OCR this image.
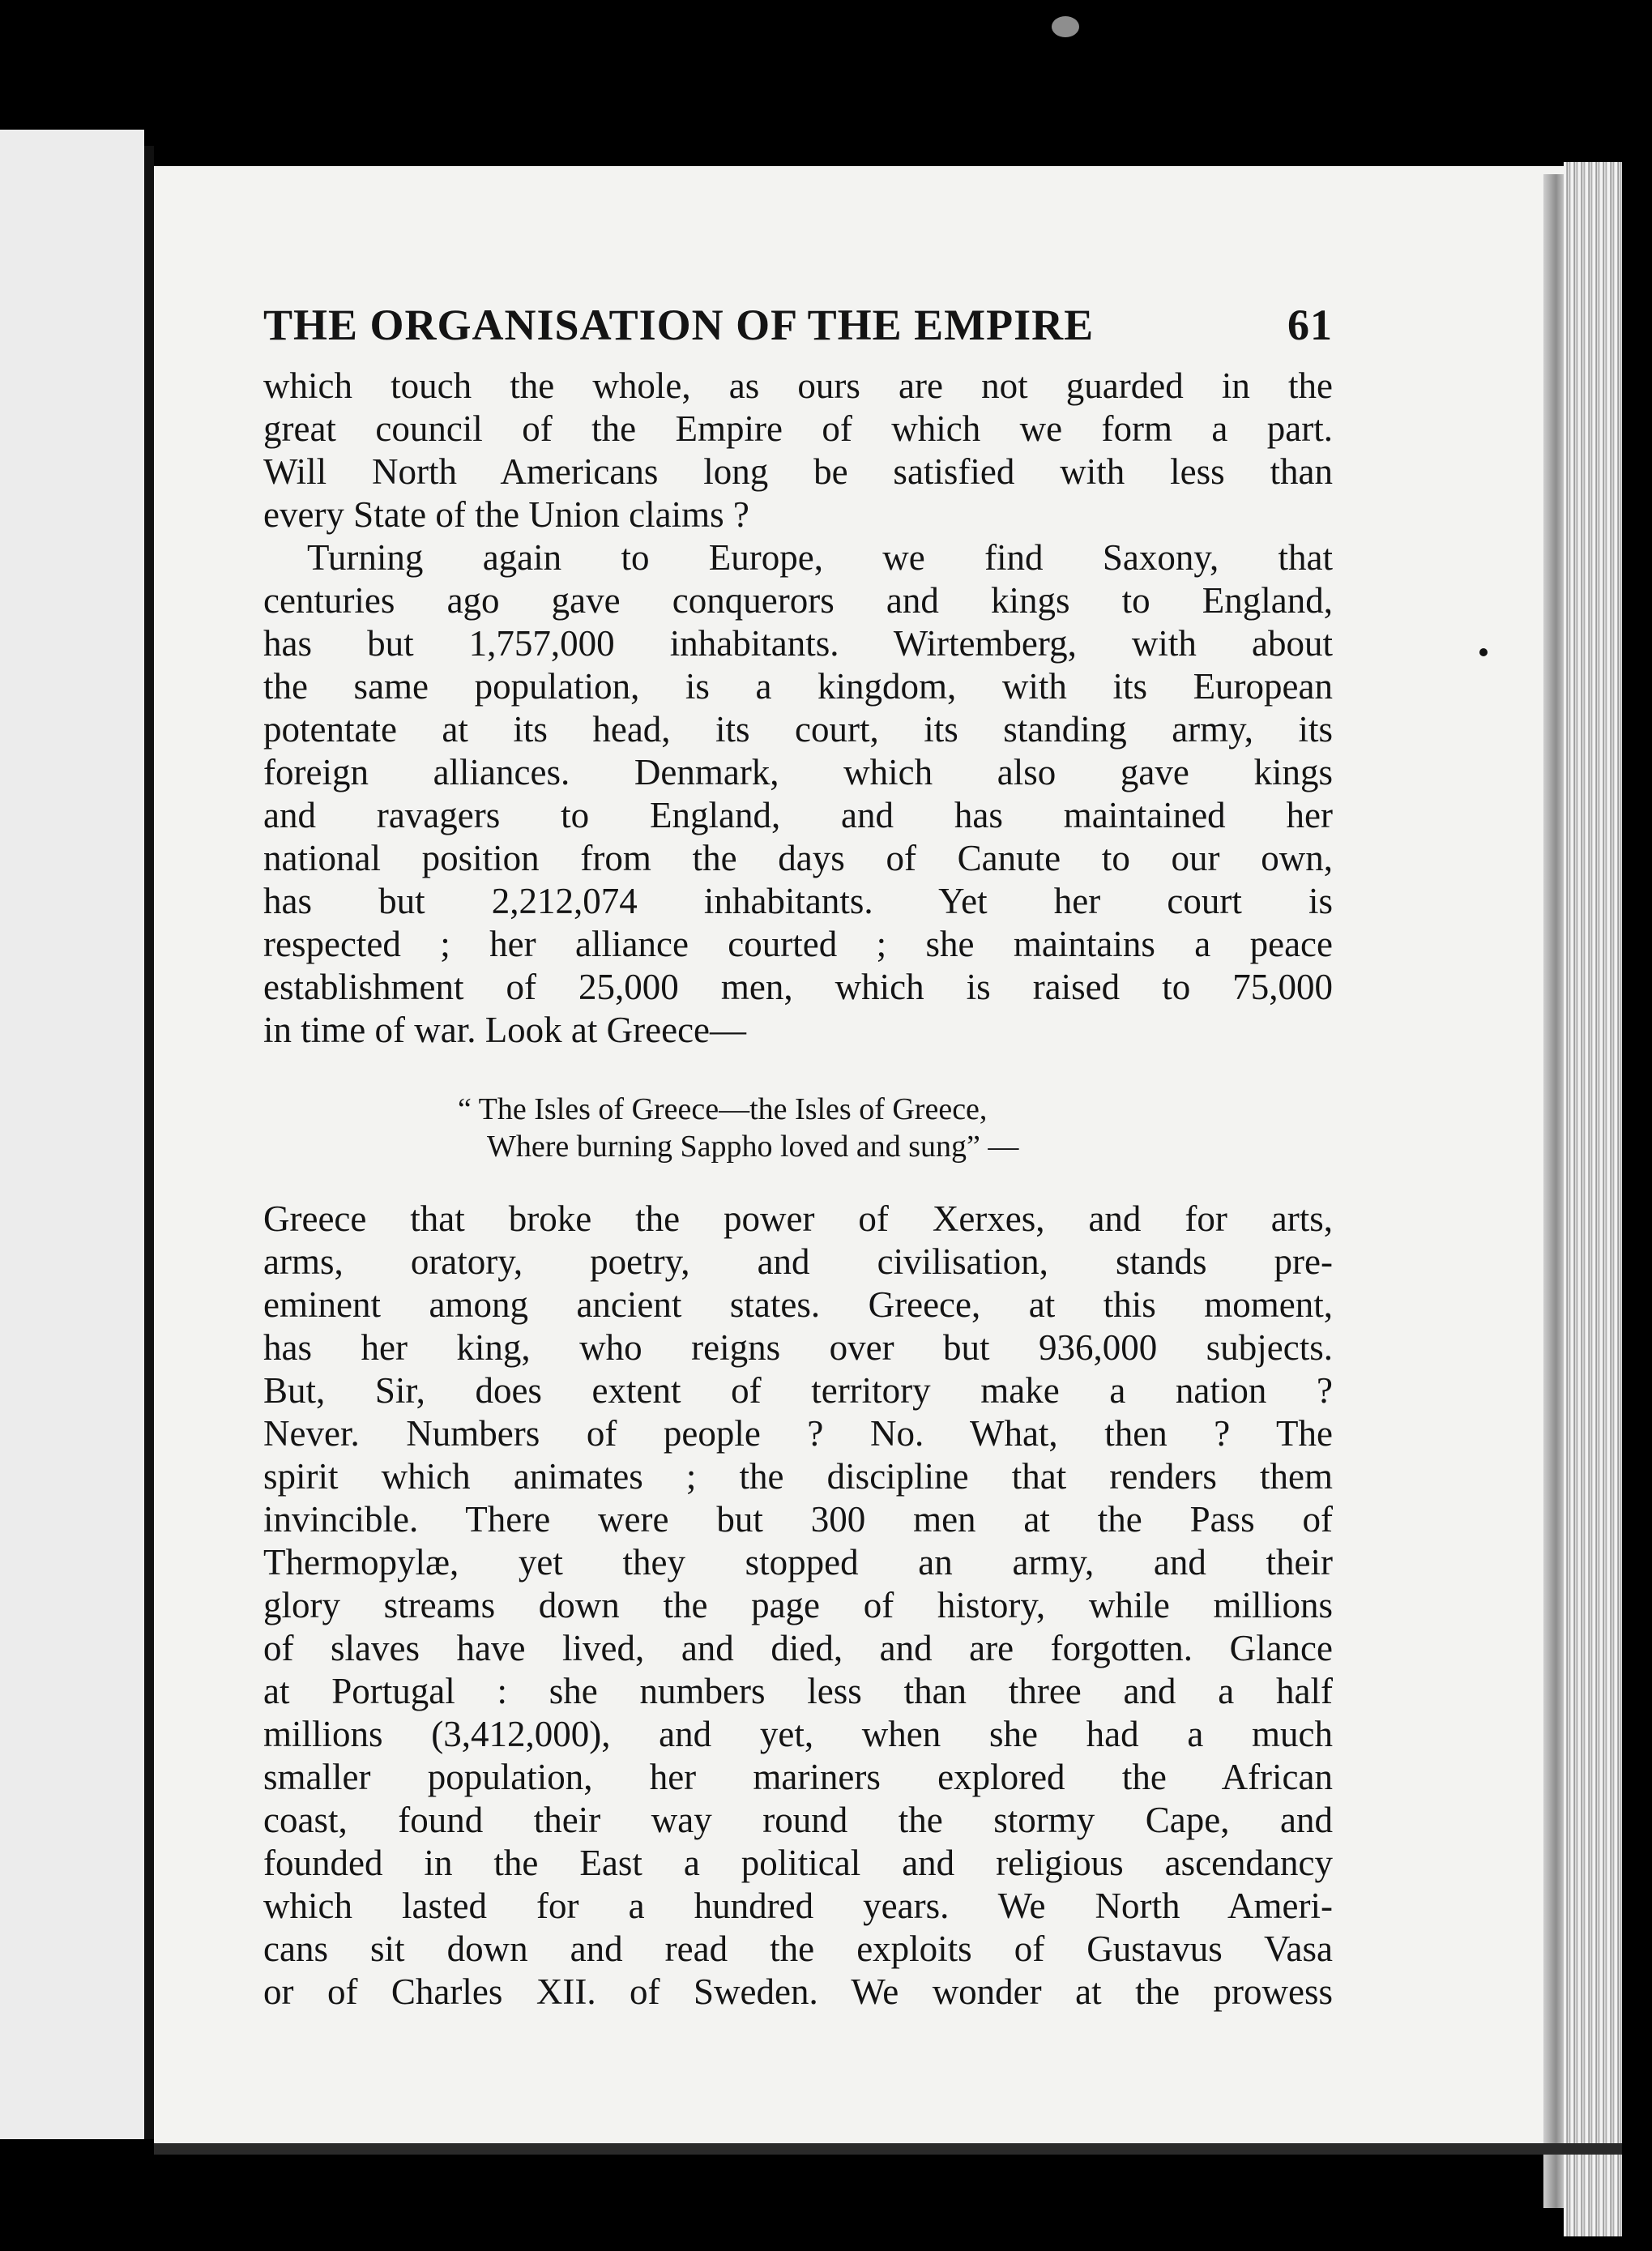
THE ORGANISATION OF THE EMPIRE	61
which touch the whole, as ours are not guarded in the
great council of the Empire of which we form a part.
Will North Americans long be satisfied with less than
every State of the Union claims ?
Turning again to Europe, we find Saxony, that
centuries ago gave conquerors and kings to England,
has but 1,757,000 inhabitants. Wirtemberg, with about
the same population, is a kingdom, with its European
potentate at its head, its court, its standing army, its
foreign alliances. Denmark, which also gave kings
and ravagers to England, and has maintained her
national position from the days of Canute to our own,
has but 2,212,074 inhabitants. Yet her court is
respected ; her alliance courted ; she maintains a peace
establishment of 25,000 men, which is raised to 75,000
in time of war. Look at Greece—
“ The Isles of Greece—the Isles of Greece,
Where burning Sappho loved and sung” —
Greece that broke the power of Xerxes, and for arts,
arms, oratory, poetry, and civilisation, stands pre-
eminent among ancient states. Greece, at this moment,
has her king, who reigns over but 936,000 subjects.
But, Sir, does extent of territory make a nation ?
Never. Numbers of people ? No. What, then ? The
spirit which animates ; the discipline that renders them
invincible. There were but 300 men at the Pass of
Thermopylæ, yet they stopped an army, and their
glory streams down the page of history, while millions
of slaves have lived, and died, and are forgotten. Glance
at Portugal : she numbers less than three and a half
millions (3,412,000), and yet, when she had a much
smaller population, her mariners explored the African
coast, found their way round the stormy Cape, and
founded in the East a political and religious ascendancy
which lasted for a hundred years. We North Ameri-
cans sit down and read the exploits of Gustavus Vasa
or of Charles XII. of Sweden. We wonder at the prowess
